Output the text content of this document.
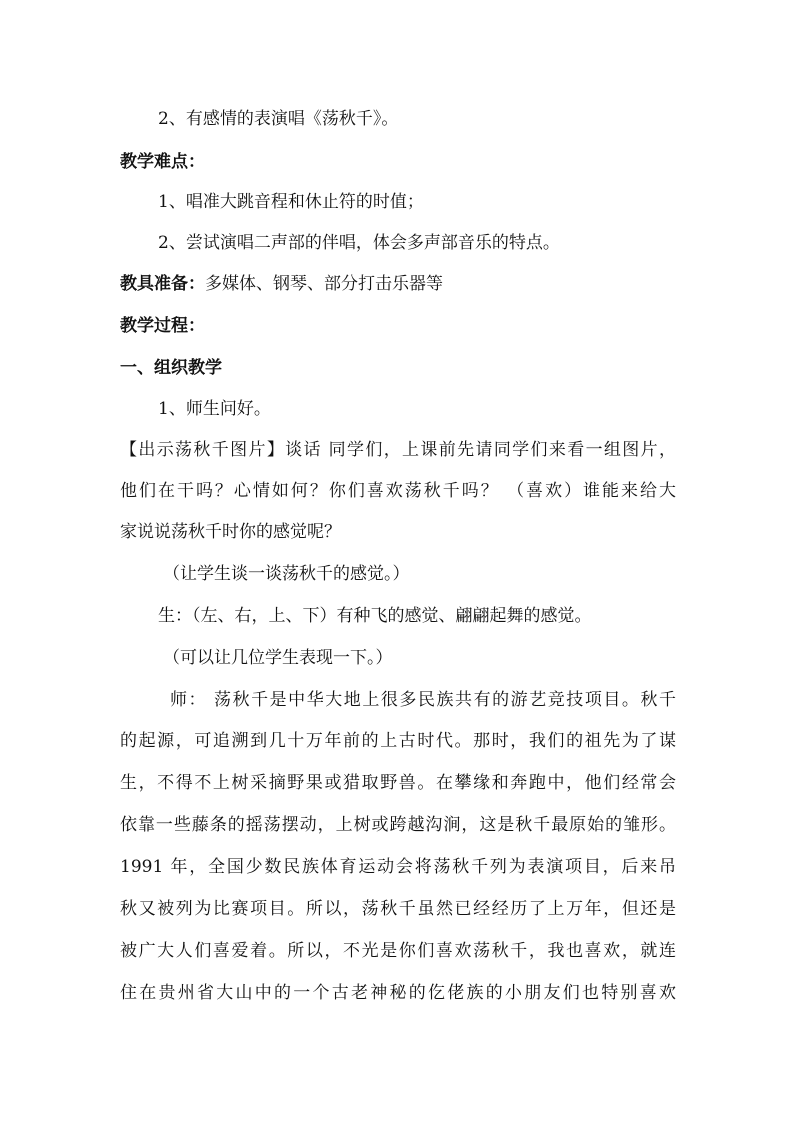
2、有感情的表演唱《荡秋千》。

教学难点：

1、唱准大跳音程和休止符的时值；

2、尝试演唱二声部的伴唱，体会多声部音乐的特点。

教具准备：多媒体、钢琴、部分打击乐器等

教学过程：

一、组织教学

1、师生问好。

【出示荡秋千图片】谈话 同学们，上课前先请同学们来看一组图片，

他们在干吗？心情如何？你们喜欢荡秋千吗？ （喜欢）谁能来给大

家说说荡秋千时你的感觉呢？

（让学生谈一谈荡秋千的感觉。）

生：（左、右，上、下）有种飞的感觉、翩翩起舞的感觉。

（可以让几位学生表现一下。）

师： 荡秋千是中华大地上很多民族共有的游艺竞技项目。秋千

的起源，可追溯到几十万年前的上古时代。那时，我们的祖先为了谋

生，不得不上树采摘野果或猎取野兽。在攀缘和奔跑中，他们经常会

依靠一些藤条的摇荡摆动，上树或跨越沟涧，这是秋千最原始的雏形。

1991 年，全国少数民族体育运动会将荡秋千列为表演项目，后来吊

秋又被列为比赛项目。所以，荡秋千虽然已经经历了上万年，但还是

被广大人们喜爱着。所以，不光是你们喜欢荡秋千，我也喜欢，就连

住在贵州省大山中的一个古老神秘的仡佬族的小朋友们也特别喜欢
